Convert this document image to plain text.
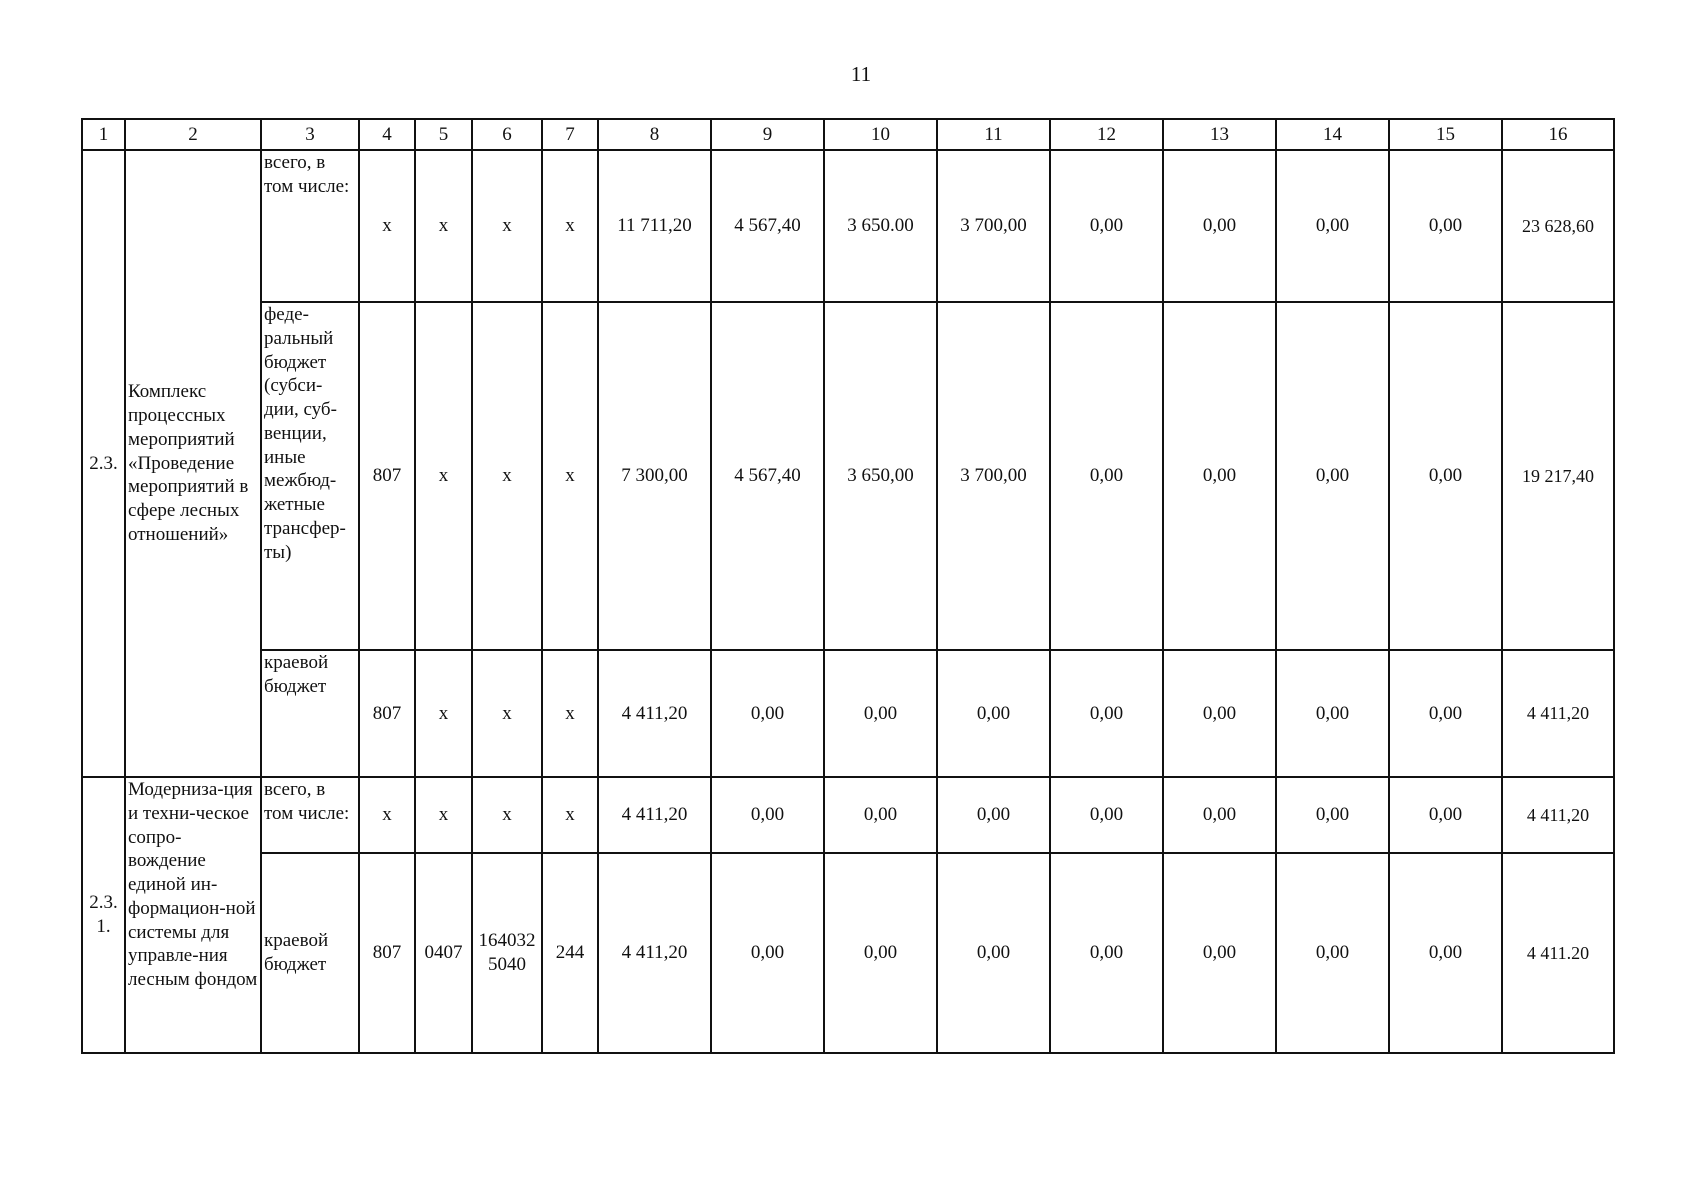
11
1	2	3	4	5	6	7	8	9	10	11	12	13	14	15	16
2.3.	Комплекс процессных мероприятий «Проведение мероприятий в сфере лесных отношений»	всего, в том числе:	x	x	x	x	11 711,20	4 567,40	3 650.00	3 700,00	0,00	0,00	0,00	0,00	23 628,60
		феде-ральный бюджет (субси-дии, суб-венции, иные межбюд-жетные трансфер-ты)	807	x	x	x	7 300,00	4 567,40	3 650,00	3 700,00	0,00	0,00	0,00	0,00	19 217,40
		краевой бюджет	807	x	x	x	4 411,20	0,00	0,00	0,00	0,00	0,00	0,00	0,00	4 411,20
2.3. 1.	Модерниза-ция и техни-ческое сопро-вождение единой ин-формацион-ной системы для управле-ния лесным фондом	всего, в том числе:	x	x	x	x	4 411,20	0,00	0,00	0,00	0,00	0,00	0,00	0,00	4 411,20
		краевой бюджет	807	0407	164032 5040	244	4 411,20	0,00	0,00	0,00	0,00	0,00	0,00	0,00	4 411.20
